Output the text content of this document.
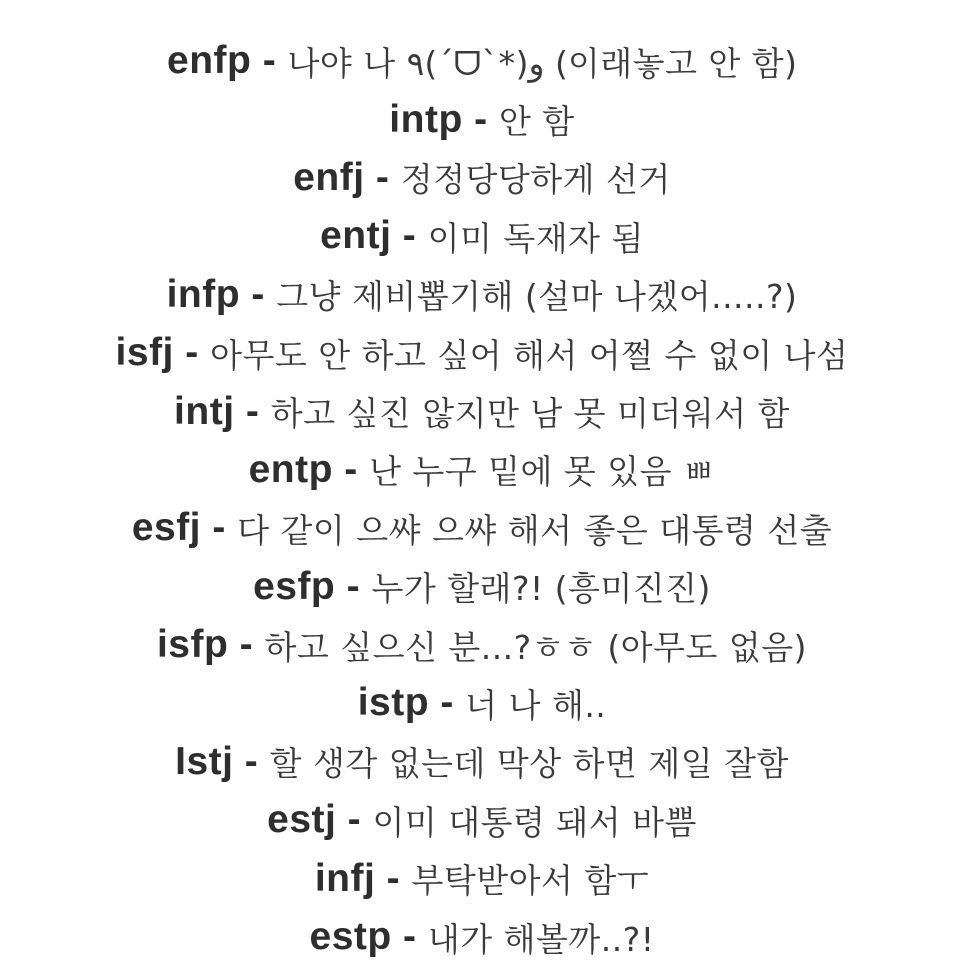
enfp - 나야 나 ٩(ˊᗜˋ*)و (이래놓고 안 함)
intp - 안 함
enfj - 정정당당하게 선거
entj - 이미 독재자 됨
infp - 그냥 제비뽑기해 (설마 나겠어.....?)
isfj - 아무도 안 하고 싶어 해서 어쩔 수 없이 나섬
intj - 하고 싶진 않지만 남 못 미더워서 함
entp - 난 누구 밑에 못 있음 ㅃ
esfj - 다 같이 으쌰 으쌰 해서 좋은 대통령 선출
esfp - 누가 할래?! (흥미진진)
isfp - 하고 싶으신 분...?ㅎㅎ (아무도 없음)
istp - 너 나 해..
Istj - 할 생각 없는데 막상 하면 제일 잘함
estj - 이미 대통령 돼서 바쁨
infj - 부탁받아서 함ㅜ
estp - 내가 해볼까..?!
